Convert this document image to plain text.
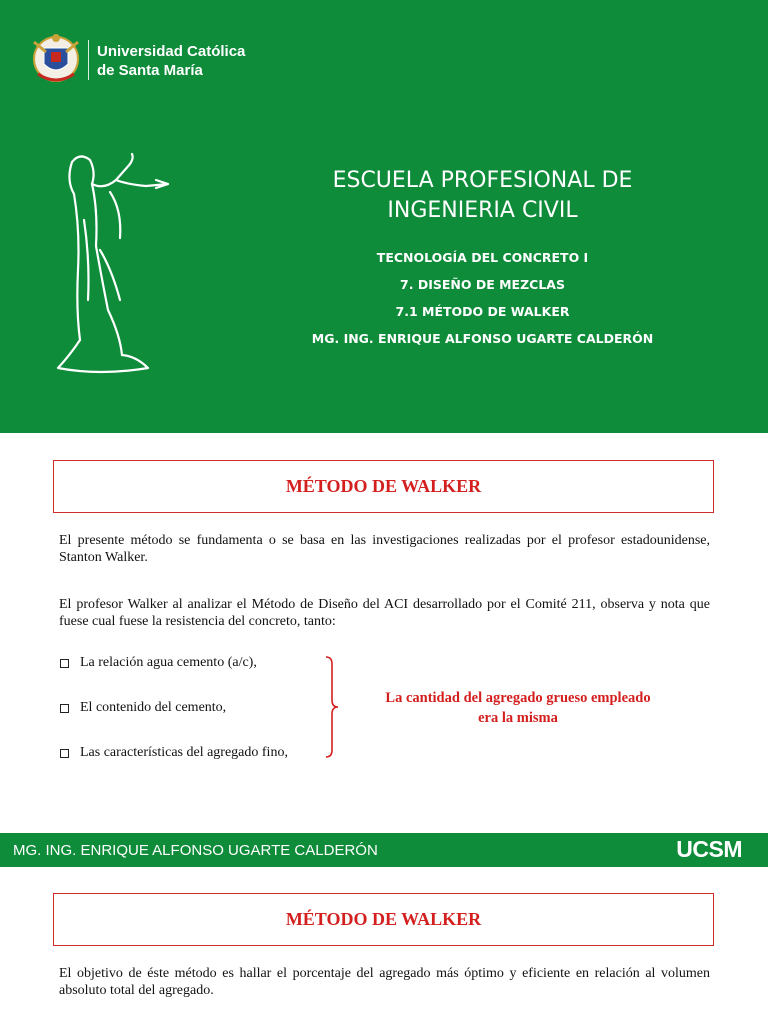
Universidad Católica
de Santa María
ESCUELA PROFESIONAL DE
INGENIERIA CIVIL
TECNOLOGÍA DEL CONCRETO I
7. DISEÑO DE MEZCLAS
7.1 MÉTODO DE WALKER
MG. ING. ENRIQUE ALFONSO UGARTE CALDERÓN
MÉTODO DE WALKER
El presente método se fundamenta o se basa en las investigaciones realizadas por el profesor estadounidense, Stanton Walker.
El profesor Walker al analizar el Método de Diseño del ACI desarrollado por el Comité 211, observa y nota que fuese cual fuese la resistencia del concreto, tanto:
La relación agua cemento (a/c),
El contenido del cemento,
Las características del agregado fino,
La cantidad del agregado grueso empleado
era la misma
MG. ING. ENRIQUE ALFONSO UGARTE CALDERÓN	UCSM
MÉTODO DE WALKER
El objetivo de éste método es hallar el porcentaje del agregado más óptimo y eficiente en relación al volumen absoluto total del agregado.
